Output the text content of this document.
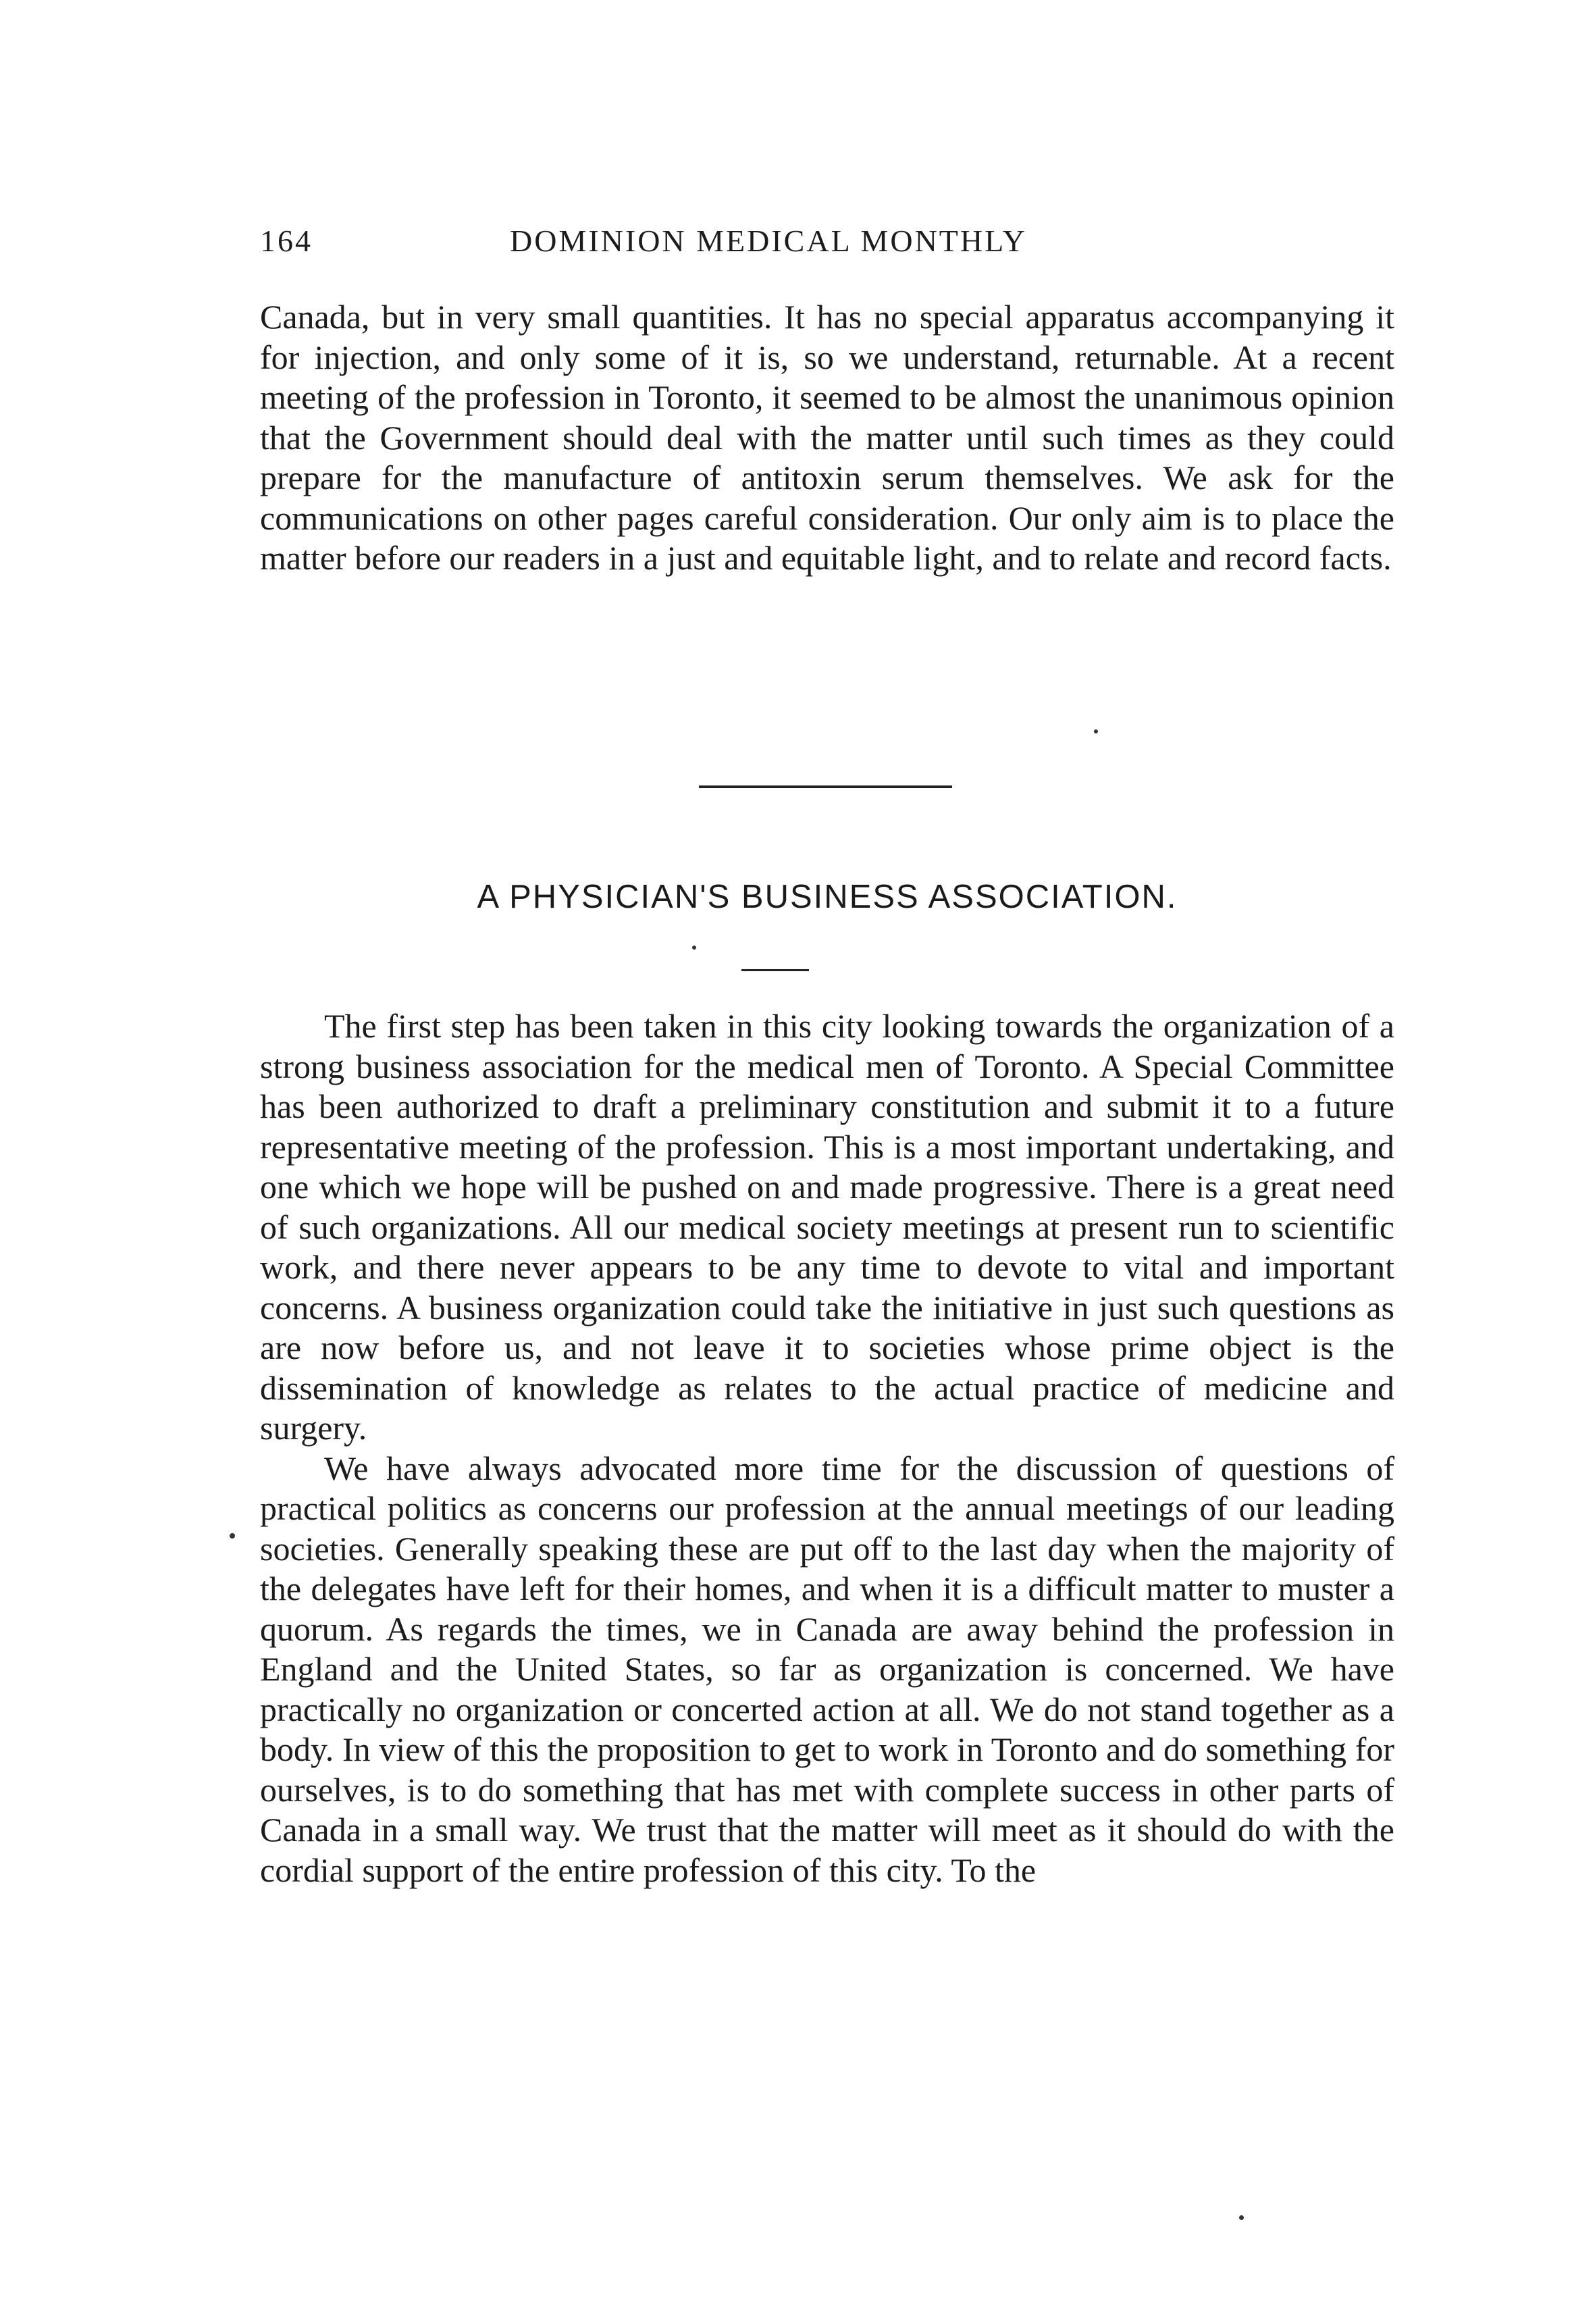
164	DOMINION MEDICAL MONTHLY

Canada, but in very small quantities. It has no special apparatus accompanying it for injection, and only some of it is, so we understand, returnable. At a recent meeting of the profession in Toronto, it seemed to be almost the unanimous opinion that the Government should deal with the matter until such times as they could prepare for the manufacture of antitoxin serum themselves. We ask for the communications on other pages careful consideration. Our only aim is to place the matter before our readers in a just and equitable light, and to relate and record facts.

A PHYSICIAN'S BUSINESS ASSOCIATION.

The first step has been taken in this city looking towards the organization of a strong business association for the medical men of Toronto. A Special Committee has been authorized to draft a preliminary constitution and submit it to a future representative meeting of the profession. This is a most important undertaking, and one which we hope will be pushed on and made progressive. There is a great need of such organizations. All our medical society meetings at present run to scientific work, and there never appears to be any time to devote to vital and important concerns. A business organization could take the initiative in just such questions as are now before us, and not leave it to societies whose prime object is the dissemination of knowledge as relates to the actual practice of medicine and surgery.

We have always advocated more time for the discussion of questions of practical politics as concerns our profession at the annual meetings of our leading societies. Generally speaking these are put off to the last day when the majority of the delegates have left for their homes, and when it is a difficult matter to muster a quorum. As regards the times, we in Canada are away behind the profession in England and the United States, so far as organization is concerned. We have practically no organization or concerted action at all. We do not stand together as a body. In view of this the proposition to get to work in Toronto and do something for ourselves, is to do something that has met with complete success in other parts of Canada in a small way. We trust that the matter will meet as it should do with the cordial support of the entire profession of this city. To the
